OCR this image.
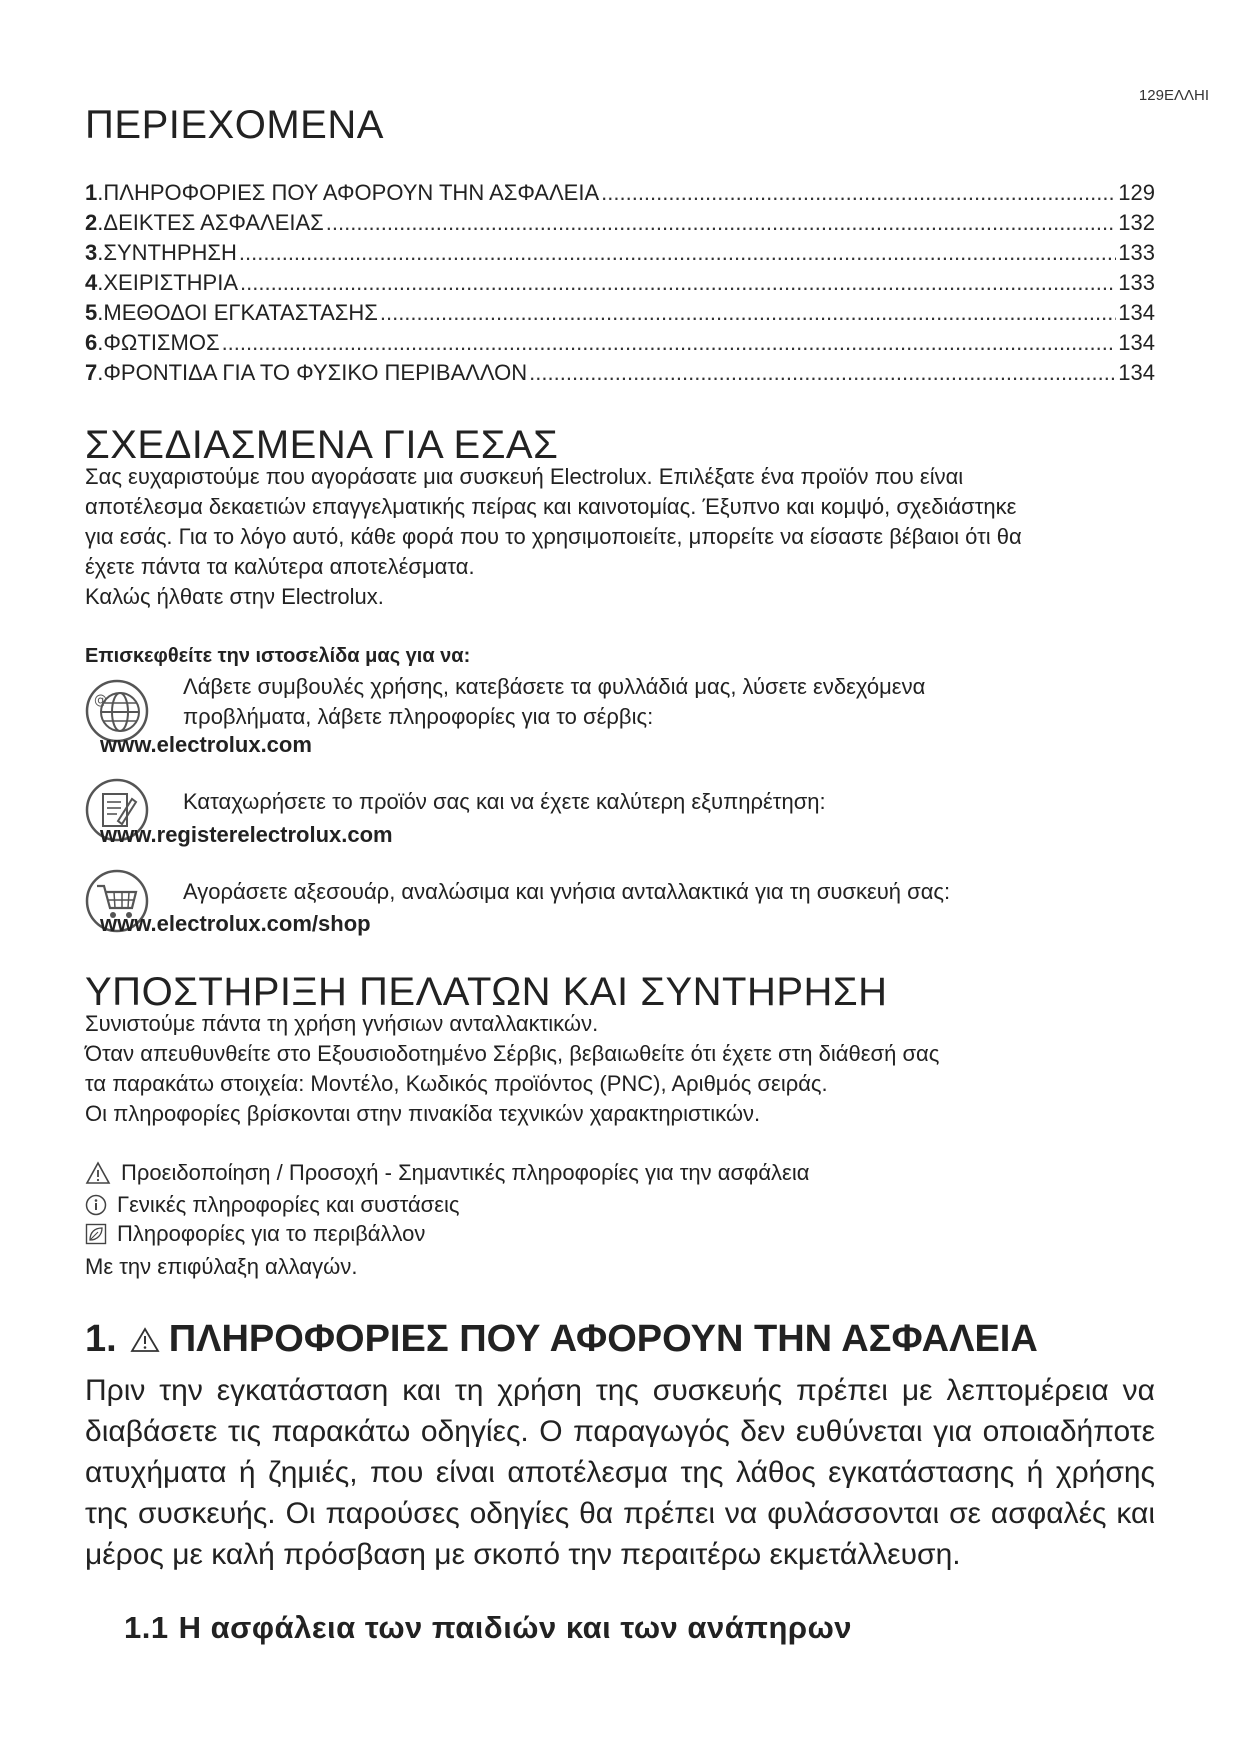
129ΕΛΛΗΙ
ΠΕΡΙΕΧΟΜΕΝΑ
1 . ΠΛΗΡΟΦΟΡΙΕΣ ΠΟΥ ΑΦΟΡΟΥΝ ΤΗΝ ΑΣΦΑΛΕΙΑ .....	129
2 . ΔΕΙΚΤΕΣ ΑΣΦΑΛΕΙΑΣ .....	132
3 . ΣΥΝΤΗΡΗΣΗ .....	133
4 . ΧΕΙΡΙΣΤΗΡΙΑ .....	133
5 . ΜΕΘΟΔΟΙ ΕΓΚΑΤΑΣΤΑΣΗΣ .....	134
6 . ΦΩΤΙΣΜΟΣ .....	134
7 . ΦΡΟΝΤΙΔΑ ΓΙΑ ΤΟ ΦΥΣΙΚΟ ΠΕΡΙΒΑΛΛΟΝ .....	134
ΣΧΕΔΙΑΣΜΕΝΑ ΓΙΑ ΕΣΑΣ
Σας ευχαριστούμε που αγοράσατε μια συσκευή Electrolux. Επιλέξατε ένα προϊόν που είναι
αποτέλεσμα δεκαετιών επαγγελματικής πείρας και καινοτομίας. Έξυπνο και κομψό, σχεδιάστηκε
για εσάς. Για το λόγο αυτό, κάθε φορά που το χρησιμοποιείτε, μπορείτε να είσαστε βέβαιοι ότι θα
έχετε πάντα τα καλύτερα αποτελέσματα.
Καλώς ήλθατε στην Electrolux.
Επισκεφθείτε την ιστοσελίδα μας για να:
@
Λάβετε συμβουλές χρήσης, κατεβάσετε τα φυλλάδιά μας, λύσετε ενδεχόμενα
προβλήματα, λάβετε πληροφορίες για το σέρβις:
www.electrolux.com
Καταχωρήσετε το προϊόν σας και να έχετε καλύτερη εξυπηρέτηση:
www.registerelectrolux.com
Αγοράσετε αξεσουάρ, αναλώσιμα και γνήσια ανταλλακτικά για τη συσκευή σας:
www.electrolux.com/shop
ΥΠΟΣΤΗΡΙΞΗ ΠΕΛΑΤΩΝ ΚΑΙ ΣΥΝΤΗΡΗΣΗ
Συνιστούμε πάντα τη χρήση γνήσιων ανταλλακτικών.
Όταν απευθυνθείτε στο Εξουσιοδοτημένο Σέρβις, βεβαιωθείτε ότι έχετε στη διάθεσή σας
τα παρακάτω στοιχεία: Μοντέλο, Κωδικός προϊόντος (PNC), Αριθμός σειράς.
Οι πληροφορίες βρίσκονται στην πινακίδα τεχνικών χαρακτηριστικών.
Προειδοποίηση / Προσοχή - Σημαντικές πληροφορίες για την ασφάλεια
Γενικές πληροφορίες και συστάσεις
Πληροφορίες για το περιβάλλον
Με την επιφύλαξη αλλαγών.
1. ΠΛΗΡΟΦΟΡΙΕΣ ΠΟΥ ΑΦΟΡΟΥΝ ΤΗΝ ΑΣΦΑΛΕΙΑ

Πριν την εγκατάσταση και τη χρήση της συσκευής πρέπει με λεπτομέρεια να διαβάσετε τις παρακάτω οδηγίες. Ο παραγωγός δεν ευθύνεται για οποιαδήποτε ατυχήματα ή ζημιές, που είναι αποτέλεσμα της λάθος εγκατάστασης ή χρήσης της συσκευής. Οι παρούσες οδηγίες θα πρέπει να φυλάσσονται σε ασφαλές και μέρος με καλή πρόσβαση με σκοπό την περαιτέρω εκμετάλλευση.

1.1 Η ασφάλεια των παιδιών και των ανάπηρων
